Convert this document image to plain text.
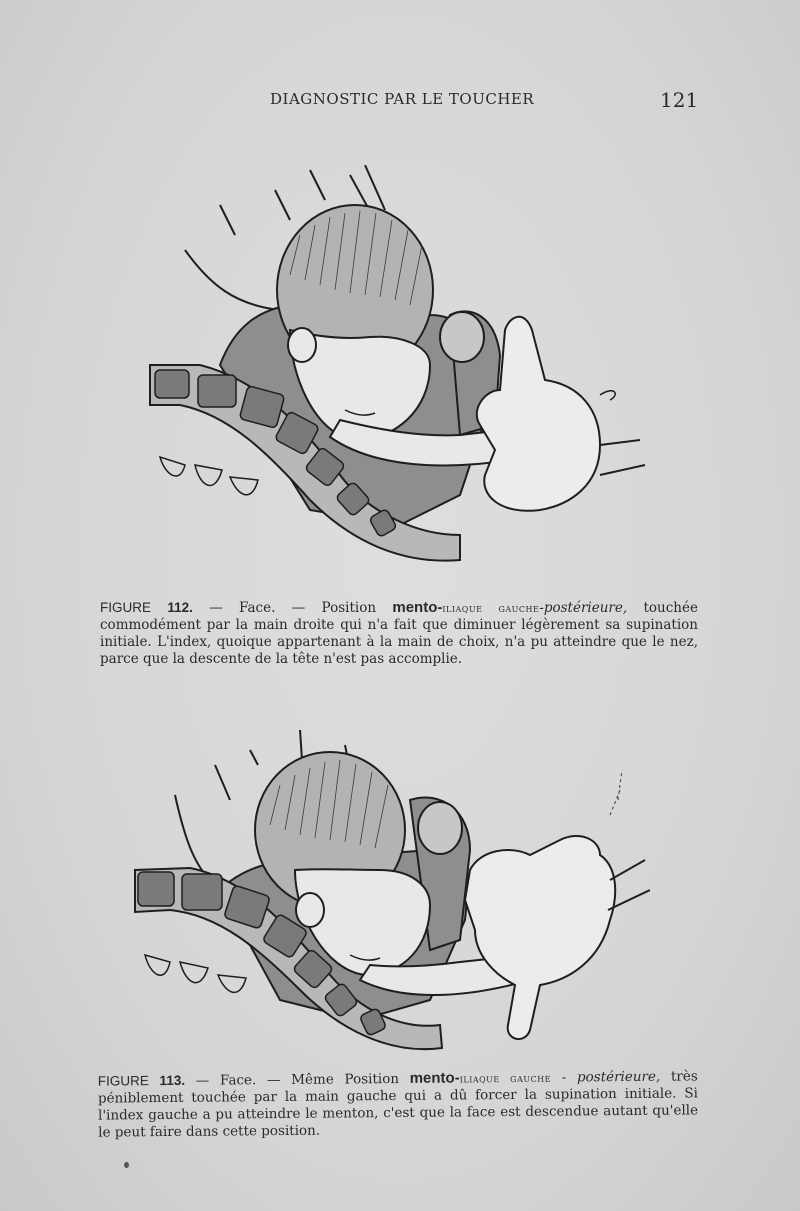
DIAGNOSTIC PAR LE TOUCHER	121
FIGURE 112. — Face. — Position mento-iliaque gauche-postérieure, touchée commodément par la main droite qui n'a fait que diminuer légèrement sa supination initiale. L'index, quoique appartenant à la main de choix, n'a pu atteindre que le nez, parce que la descente de la tête n'est pas accomplie.
FIGURE 113. — Face. — Même Position mento-iliaque gauche - postérieure, très péniblement touchée par la main gauche qui a dû forcer la supination initiale. Si l'index gauche a pu atteindre le menton, c'est que la face est descendue autant qu'elle le peut faire dans cette position.
